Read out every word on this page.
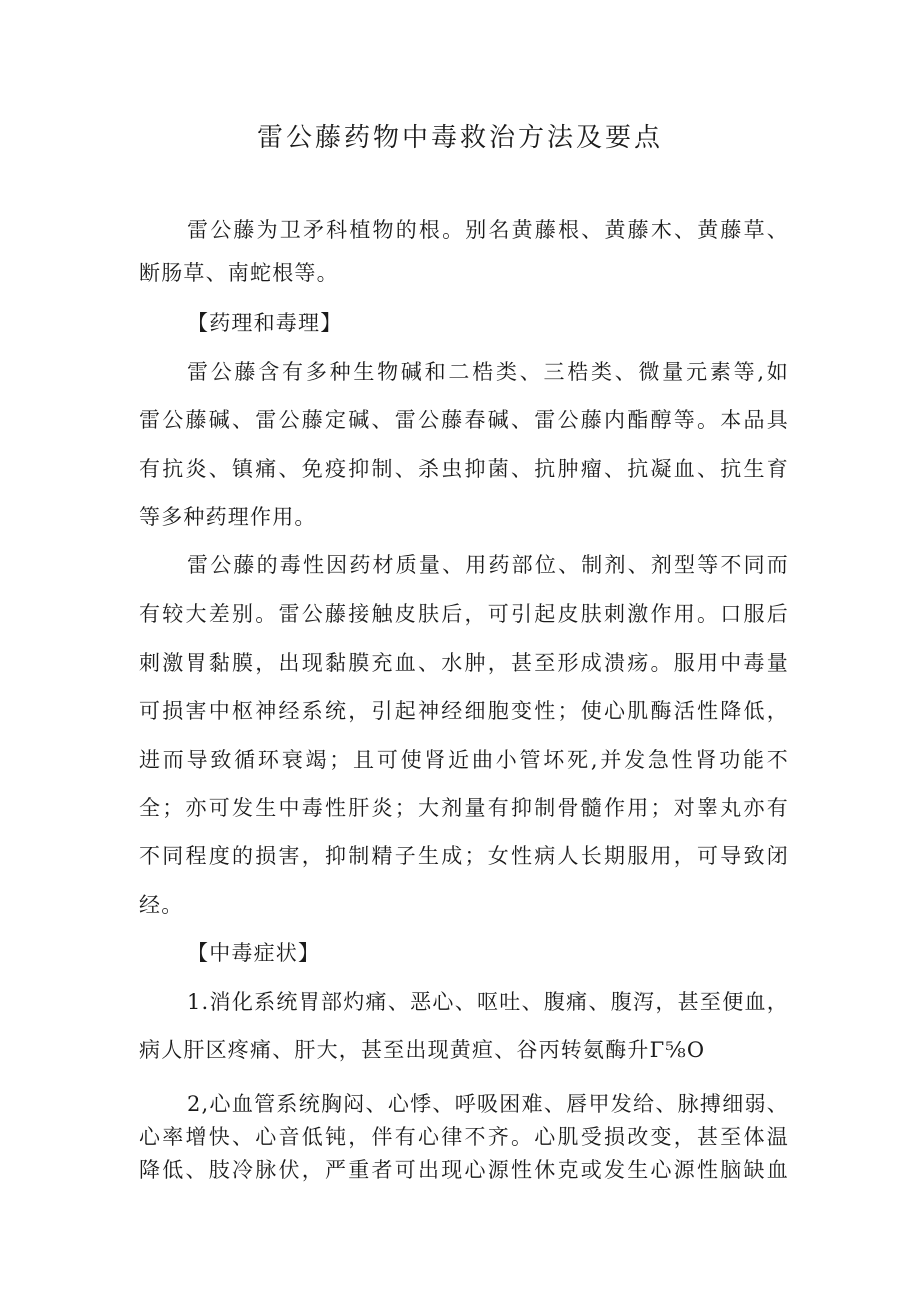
雷公藤药物中毒救治方法及要点

雷公藤为卫矛科植物的根。别名黄藤根、黄藤木、黄藤草、

断肠草、南蛇根等。

【药理和毒理】

雷公藤含有多种生物碱和二梏类、三梏类、微量元素等,如

雷公藤碱、雷公藤定碱、雷公藤春碱、雷公藤内酯醇等。本品具

有抗炎、镇痛、免疫抑制、杀虫抑菌、抗肿瘤、抗凝血、抗生育

等多种药理作用。

雷公藤的毒性因药材质量、用药部位、制剂、剂型等不同而

有较大差别。雷公藤接触皮肤后，可引起皮肤刺激作用。口服后

刺激胃黏膜，出现黏膜充血、水肿，甚至形成溃疡。服用中毒量

可损害中枢神经系统，引起神经细胞变性；使心肌酶活性降低，

进而导致循环衰竭；且可使肾近曲小管坏死,并发急性肾功能不

全；亦可发生中毒性肝炎；大剂量有抑制骨髓作用；对睾丸亦有

不同程度的损害，抑制精子生成；女性病人长期服用，可导致闭

经。

【中毒症状】

1.消化系统胃部灼痛、恶心、呕吐、腹痛、腹泻，甚至便血，

病人肝区疼痛、肝大，甚至出现黄疸、谷丙转氨酶升Γ⅝O

2,心血管系统胸闷、心悸、呼吸困难、唇甲发给、脉搏细弱、

心率增快、心音低钝，伴有心律不齐。心肌受损改变，甚至体温

降低、肢冷脉伏，严重者可出现心源性休克或发生心源性脑缺血
